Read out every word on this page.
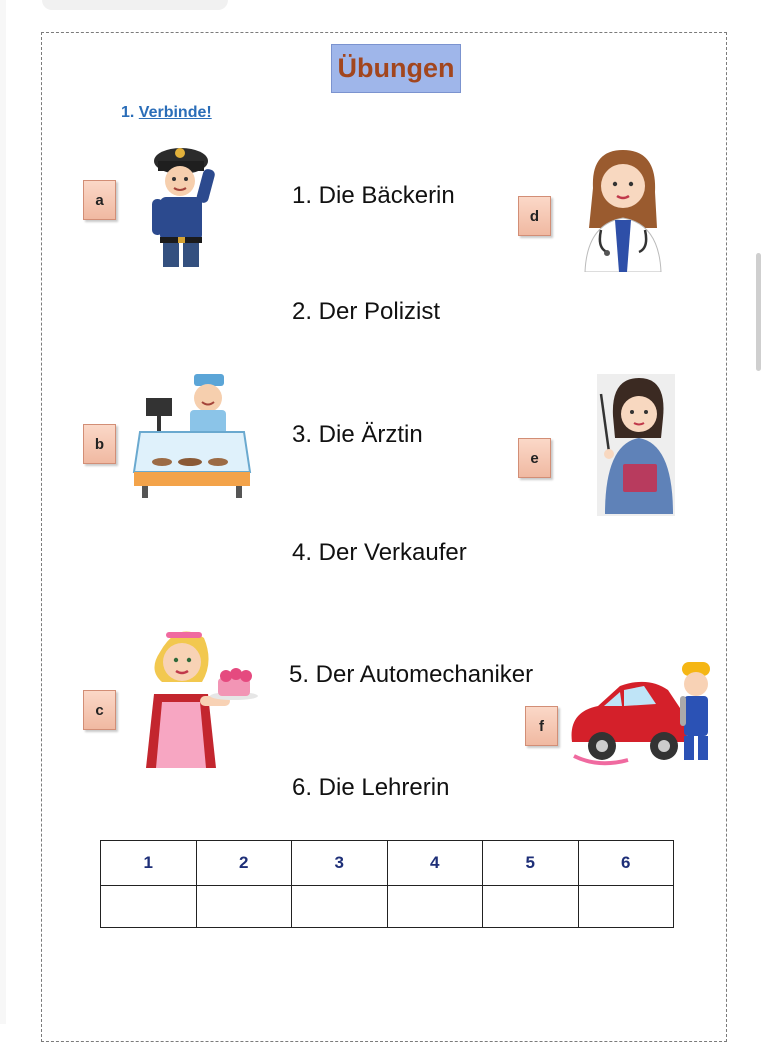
Übungen
1. Verbinde!
1. Die Bäckerin
2. Der Polizist
3. Die Ärztin
4. Der Verkaufer
5. Der Automechaniker
6. Die Lehrerin
a
b
c
d
e
f
1	2	3	4	5	6
